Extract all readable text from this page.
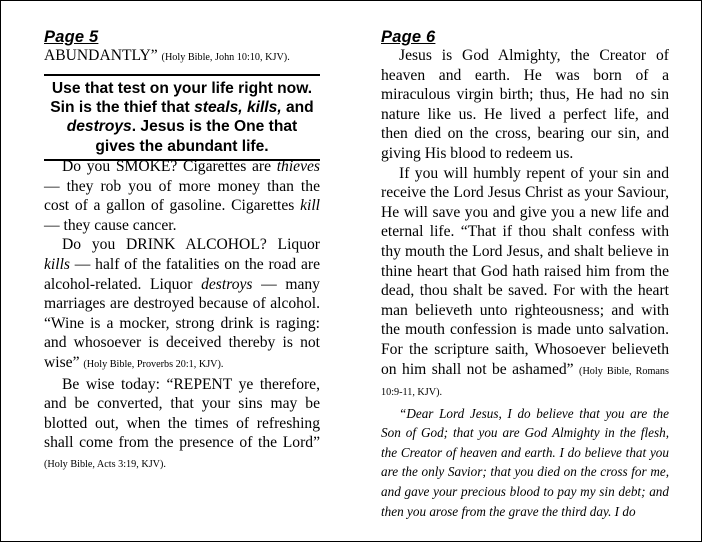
Page 5

ABUNDANTLY” (Holy Bible, John 10:10, KJV).

Use that test on your life right now.
Sin is the thief that steals, kills, and
destroys. Jesus is the One that
gives the abundant life.

Do you SMOKE? Cigarettes are thieves — they rob you of more money than the cost of a gallon of gasoline. Cigarettes kill — they cause cancer.

Do you DRINK ALCOHOL? Liquor kills — half of the fatalities on the road are alcohol-related. Liquor destroys — many marriages are destroyed because of alcohol. “Wine is a mocker, strong drink is raging: and whosoever is deceived thereby is not wise” (Holy Bible, Proverbs 20:1, KJV).

Be wise today: “REPENT ye therefore, and be converted, that your sins may be blotted out, when the times of refreshing shall come from the presence of the Lord” (Holy Bible, Acts 3:19, KJV).

Page 6

Jesus is God Almighty, the Creator of heaven and earth. He was born of a miraculous virgin birth; thus, He had no sin nature like us. He lived a perfect life, and then died on the cross, bearing our sin, and giving His blood to redeem us.

If you will humbly repent of your sin and receive the Lord Jesus Christ as your Saviour, He will save you and give you a new life and eternal life. “That if thou shalt confess with thy mouth the Lord Jesus, and shalt believe in thine heart that God hath raised him from the dead, thou shalt be saved. For with the heart man believeth unto righteousness; and with the mouth confession is made unto salvation. For the scripture saith, Whosoever believeth on him shall not be ashamed” (Holy Bible, Romans 10:9-11, KJV).

“Dear Lord Jesus, I do believe that you are the Son of God; that you are God Almighty in the flesh, the Creator of heaven and earth. I do believe that you are the only Savior; that you died on the cross for me, and gave your precious blood to pay my sin debt; and then you arose from the grave the third day. I do
